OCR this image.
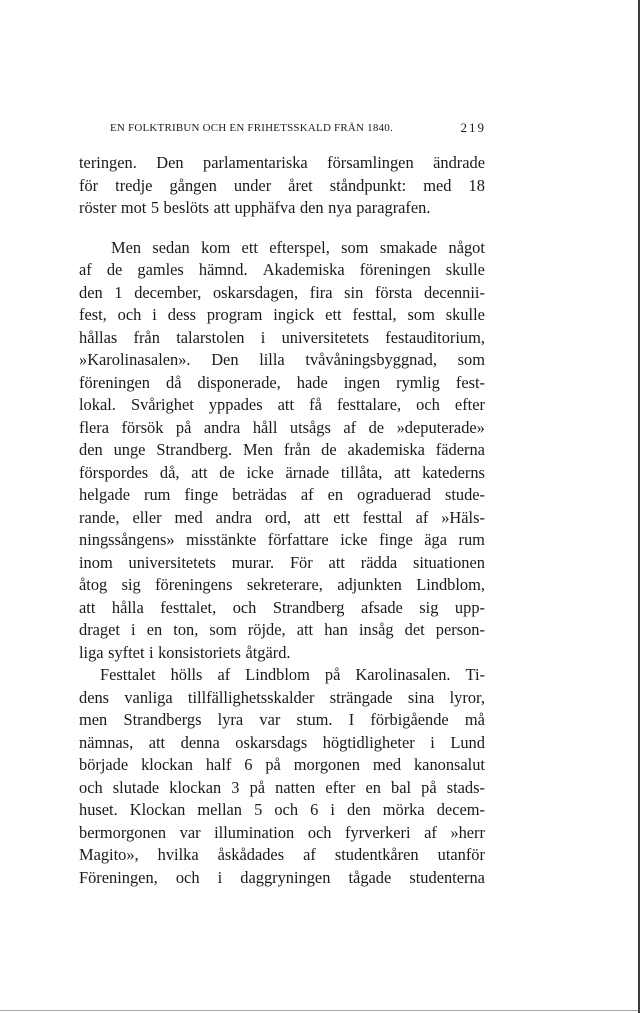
EN FOLKTRIBUN OCH EN FRIHETSSKALD FRÅN 1840.	219
teringen. Den parlamentariska församlingen ändrade
för tredje gången under året ståndpunkt: med 18
röster mot 5 beslöts att upphäfva den nya paragrafen.
Men sedan kom ett efterspel, som smakade något
af de gamles hämnd. Akademiska föreningen skulle
den 1 december, oskarsdagen, fira sin första decennii-
fest, och i dess program ingick ett festtal, som skulle
hållas från talarstolen i universitetets festauditorium,
»Karolinasalen». Den lilla tvåvåningsbyggnad, som
föreningen då disponerade, hade ingen rymlig fest-
lokal. Svårighet yppades att få festtalare, och efter
flera försök på andra håll utsågs af de »deputerade»
den unge Strandberg. Men från de akademiska fäderna
förspordes då, att de icke ärnade tillåta, att katederns
helgade rum finge beträdas af en ograduerad stude-
rande, eller med andra ord, att ett festtal af »Häls-
ningssångens» misstänkte författare icke finge äga rum
inom universitetets murar. För att rädda situationen
åtog sig föreningens sekreterare, adjunkten Lindblom,
att hålla festtalet, och Strandberg afsade sig upp-
draget i en ton, som röjde, att han insåg det person-
liga syftet i konsistoriets åtgärd.
Festtalet hölls af Lindblom på Karolinasalen. Ti-
dens vanliga tillfällighetsskalder strängade sina lyror,
men Strandbergs lyra var stum. I förbigående må
nämnas, att denna oskarsdags högtidligheter i Lund
började klockan half 6 på morgonen med kanonsalut
och slutade klockan 3 på natten efter en bal på stads-
huset. Klockan mellan 5 och 6 i den mörka decem-
bermorgonen var illumination och fyrverkeri af »herr
Magito», hvilka åskådades af studentkåren utanför
Föreningen, och i daggryningen tågade studenterna
